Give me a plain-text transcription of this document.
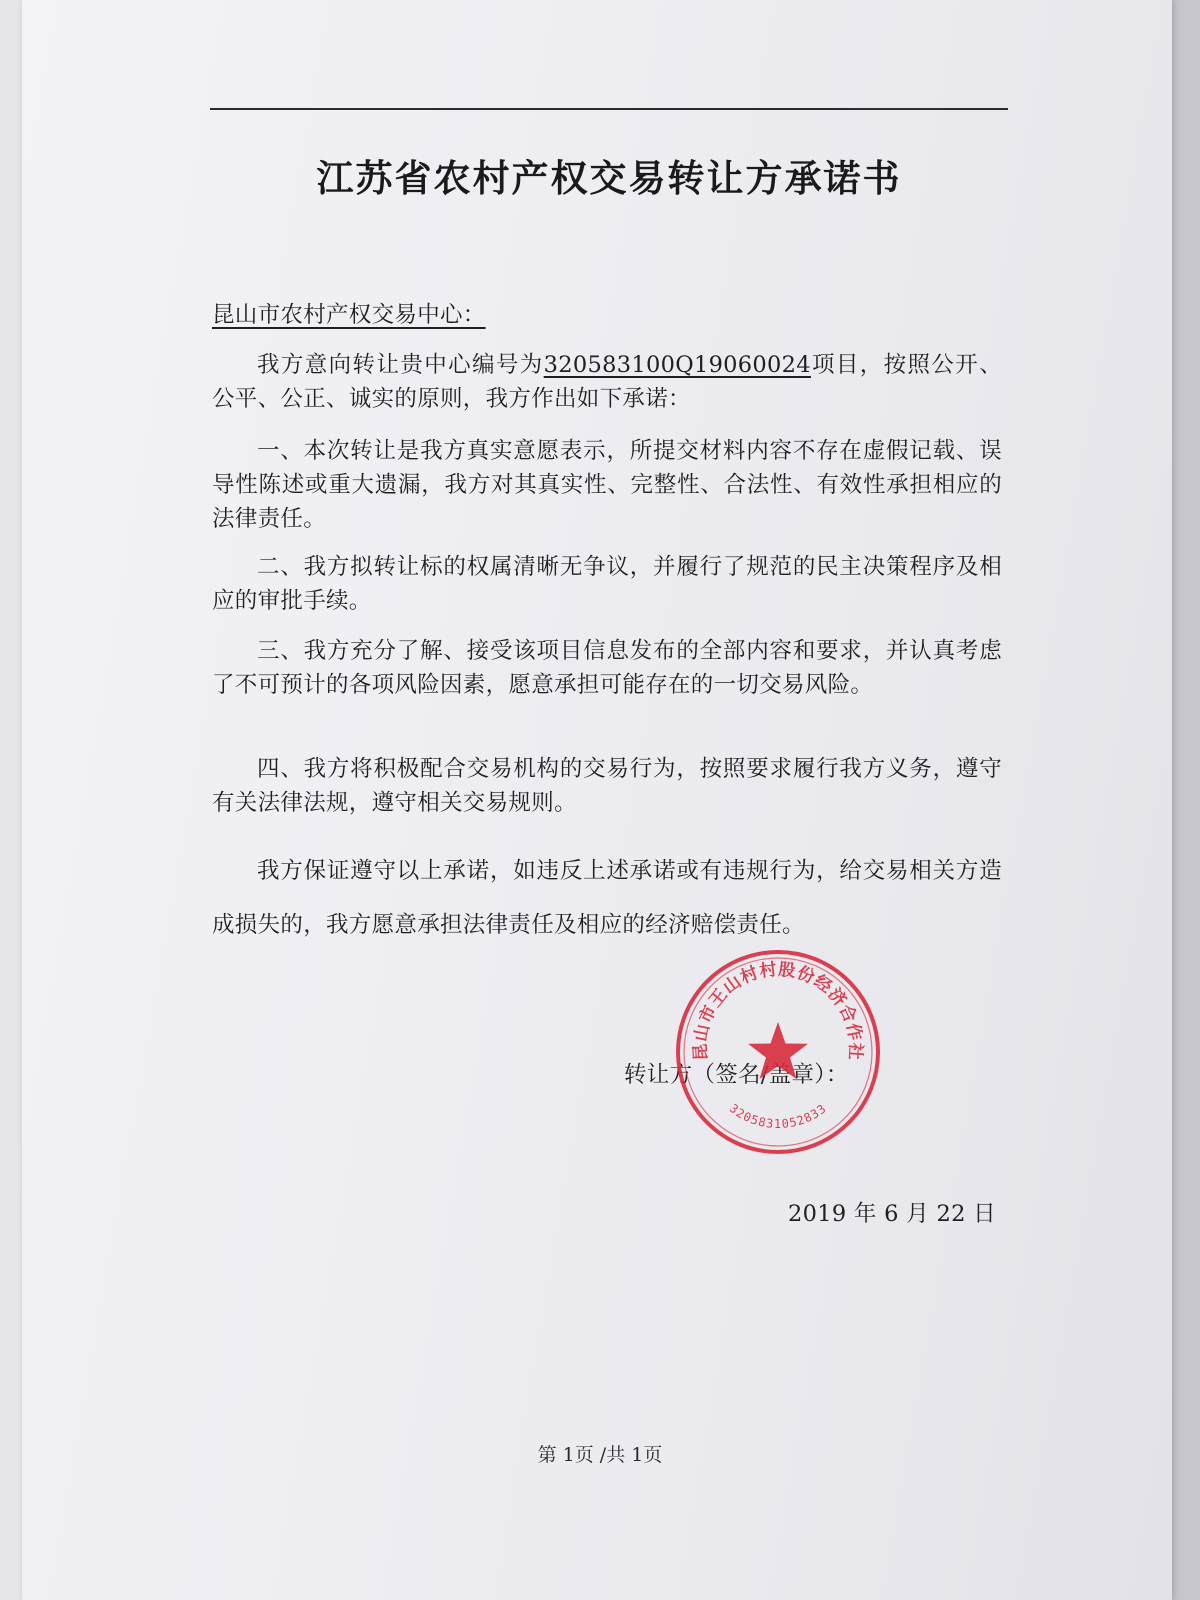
江苏省农村产权交易转让方承诺书
昆山市农村产权交易中心：

我方意向转让贵中心编号为320583100Q19060024项目，按照公开、公平、公正、诚实的原则，我方作出如下承诺：

一、本次转让是我方真实意愿表示，所提交材料内容不存在虚假记载、误导性陈述或重大遗漏，我方对其真实性、完整性、合法性、有效性承担相应的法律责任。

二、我方拟转让标的权属清晰无争议，并履行了规范的民主决策程序及相应的审批手续。

三、我方充分了解、接受该项目信息发布的全部内容和要求，并认真考虑了不可预计的各项风险因素，愿意承担可能存在的一切交易风险。

四、我方将积极配合交易机构的交易行为，按照要求履行我方义务，遵守有关法律法规，遵守相关交易规则。

我方保证遵守以上承诺，如违反上述承诺或有违规行为，给交易相关方造成损失的，我方愿意承担法律责任及相应的经济赔偿责任。

转让方（签名/盖章）：
2019 年 6 月 22 日
第 1页 /共 1页
昆山市王山村村股份经济合作社
3205831052833
